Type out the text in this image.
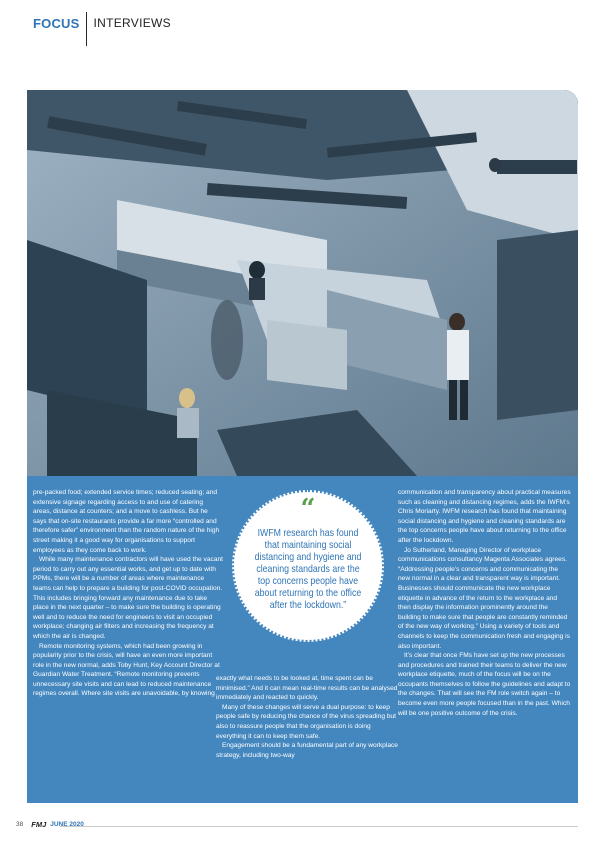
FOCUS INTERVIEWS

pre-packed food; extended service times; reduced seating; and extensive signage regarding access to and use of catering areas, distance at counters; and a move to cashless. But he says that on-site restaurants provide a far more “controlled and therefore safer” environment than the random nature of the high street making it a good way for organisations to support employees as they come back to work.

While many maintenance contractors will have used the vacant period to carry out any essential works, and get up to date with PPMs, there will be a number of areas where maintenance teams can help to prepare a building for post-COVID occupation. This includes bringing forward any maintenance due to take place in the next quarter – to make sure the building is operating well and to reduce the need for engineers to visit an occupied workplace; changing air filters and increasing the frequency at which the air is changed.

Remote monitoring systems, which had been growing in popularity prior to the crisis, will have an even more important role in the new normal, adds Toby Hunt, Key Account Director at Guardian Water Treatment. “Remote monitoring prevents unnecessary site visits and can lead to reduced maintenance regimes overall. Where site visits are unavoidable, by knowing

“
IWFM research has found that maintaining social distancing and hygiene and cleaning standards are the top concerns people have about returning to the office after the lockdown.”

exactly what needs to be looked at, time spent can be minimised.” And it can mean real-time results can be analysed immediately and reacted to quickly.

Many of these changes will serve a dual purpose: to keep people safe by reducing the chance of the virus spreading but also to reassure people that the organisation is doing everything it can to keep them safe.

Engagement should be a fundamental part of any workplace strategy, including two-way

communication and transparency about practical measures such as cleaning and distancing regimes, adds the IWFM’s Chris Moriarty. IWFM research has found that maintaining social distancing and hygiene and cleaning standards are the top concerns people have about returning to the office after the lockdown.

Jo Sutherland, Managing Director of workplace communications consultancy Magenta Associates agrees. “Addressing people’s concerns and communicating the new normal in a clear and transparent way is important. Businesses should communicate the new workplace etiquette in advance of the return to the workplace and then display the information prominently around the building to make sure that people are constantly reminded of the new way of working.” Using a variety of tools and channels to keep the communication fresh and engaging is also important.

It’s clear that once FMs have set up the new processes and procedures and trained their teams to deliver the new workplace etiquette, much of the focus will be on the occupants themselves to follow the guidelines and adapt to the changes. That will see the FM role switch again – to become even more people focused than in the past. Which will be one positive outcome of the crisis.

38 FMJ JUNE 2020
